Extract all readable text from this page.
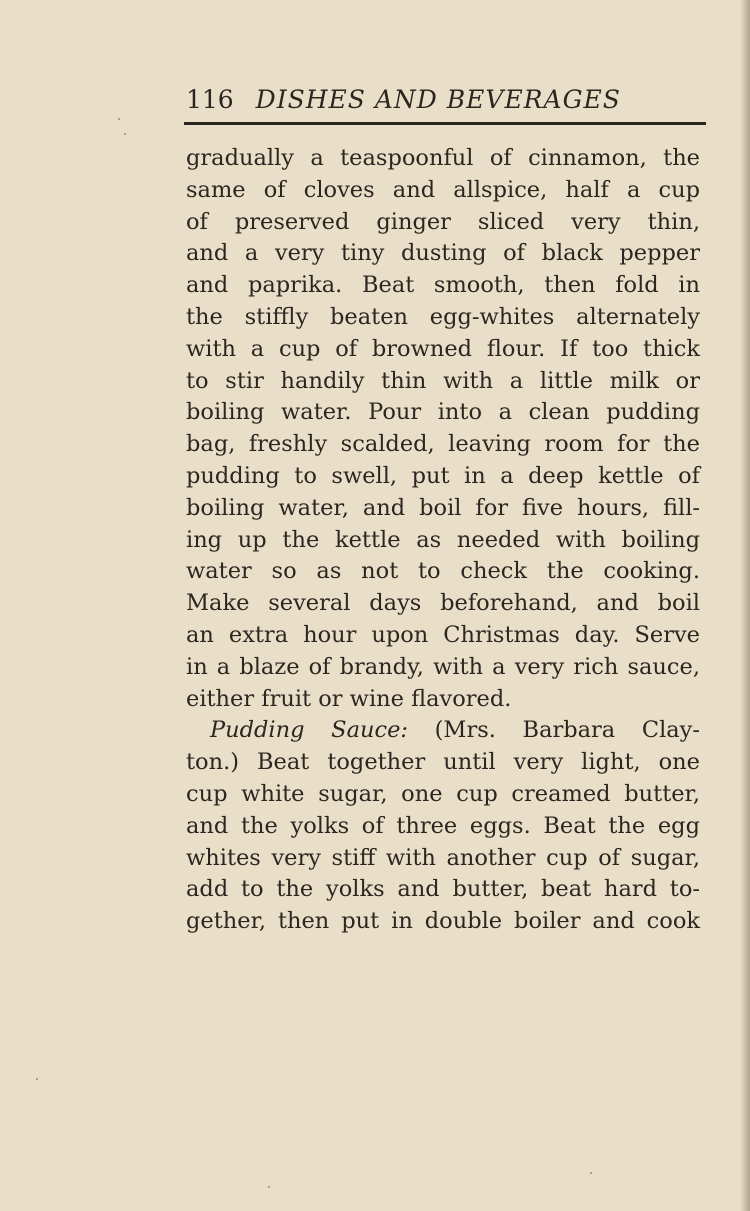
116 DISHES AND BEVERAGES
gradually a teaspoonful of cinnamon, the
same of cloves and allspice, half a cup
of preserved ginger sliced very thin,
and a very tiny dusting of black pepper
and paprika. Beat smooth, then fold in
the stiffly beaten egg-whites alternately
with a cup of browned flour. If too thick
to stir handily thin with a little milk or
boiling water. Pour into a clean pudding
bag, freshly scalded, leaving room for the
pudding to swell, put in a deep kettle of
boiling water, and boil for five hours, fill-
ing up the kettle as needed with boiling
water so as not to check the cooking.
Make several days beforehand, and boil
an extra hour upon Christmas day. Serve
in a blaze of brandy, with a very rich sauce,
either fruit or wine flavored.
Pudding Sauce: (Mrs. Barbara Clay-
ton.) Beat together until very light, one
cup white sugar, one cup creamed butter,
and the yolks of three eggs. Beat the egg
whites very stiff with another cup of sugar,
add to the yolks and butter, beat hard to-
gether, then put in double boiler and cook
